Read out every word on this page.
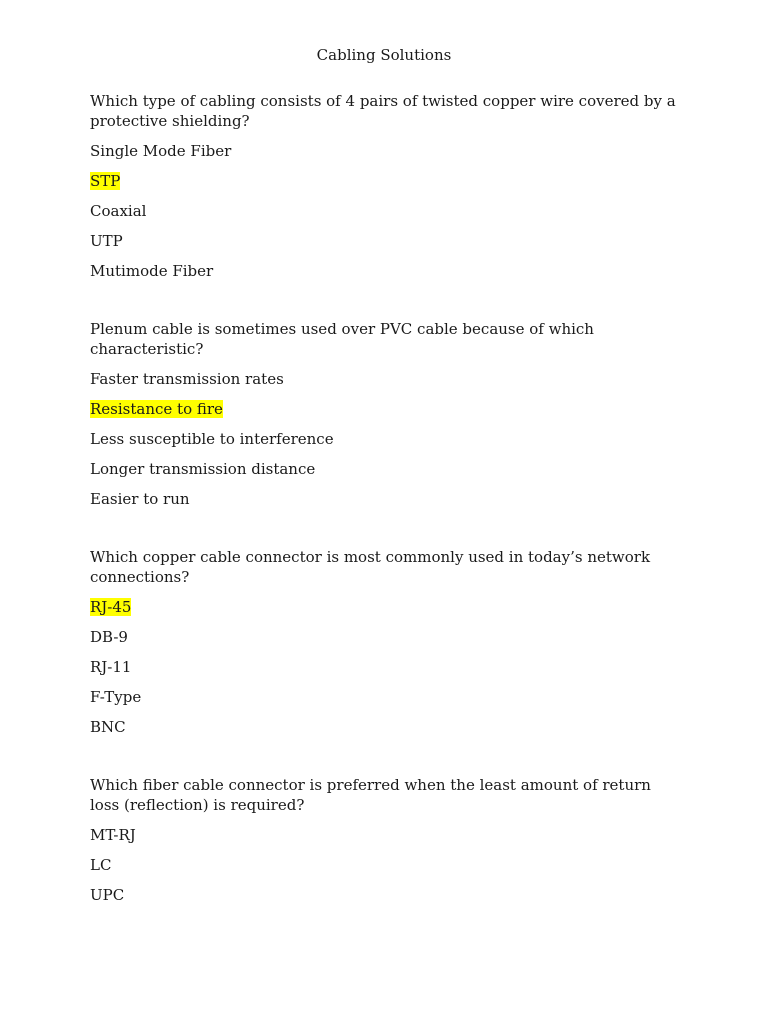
Cabling Solutions

Which type of cabling consists of 4 pairs of twisted copper wire covered by a protective shielding?

Single Mode Fiber
STP
Coaxial
UTP
Mutimode Fiber

Plenum cable is sometimes used over PVC cable because of which characteristic?

Faster transmission rates
Resistance to fire
Less susceptible to interference
Longer transmission distance
Easier to run

Which copper cable connector is most commonly used in today’s network connections?

RJ-45
DB-9
RJ-11
F-Type
BNC

Which fiber cable connector is preferred when the least amount of return loss (reflection) is required?

MT-RJ
LC
UPC
